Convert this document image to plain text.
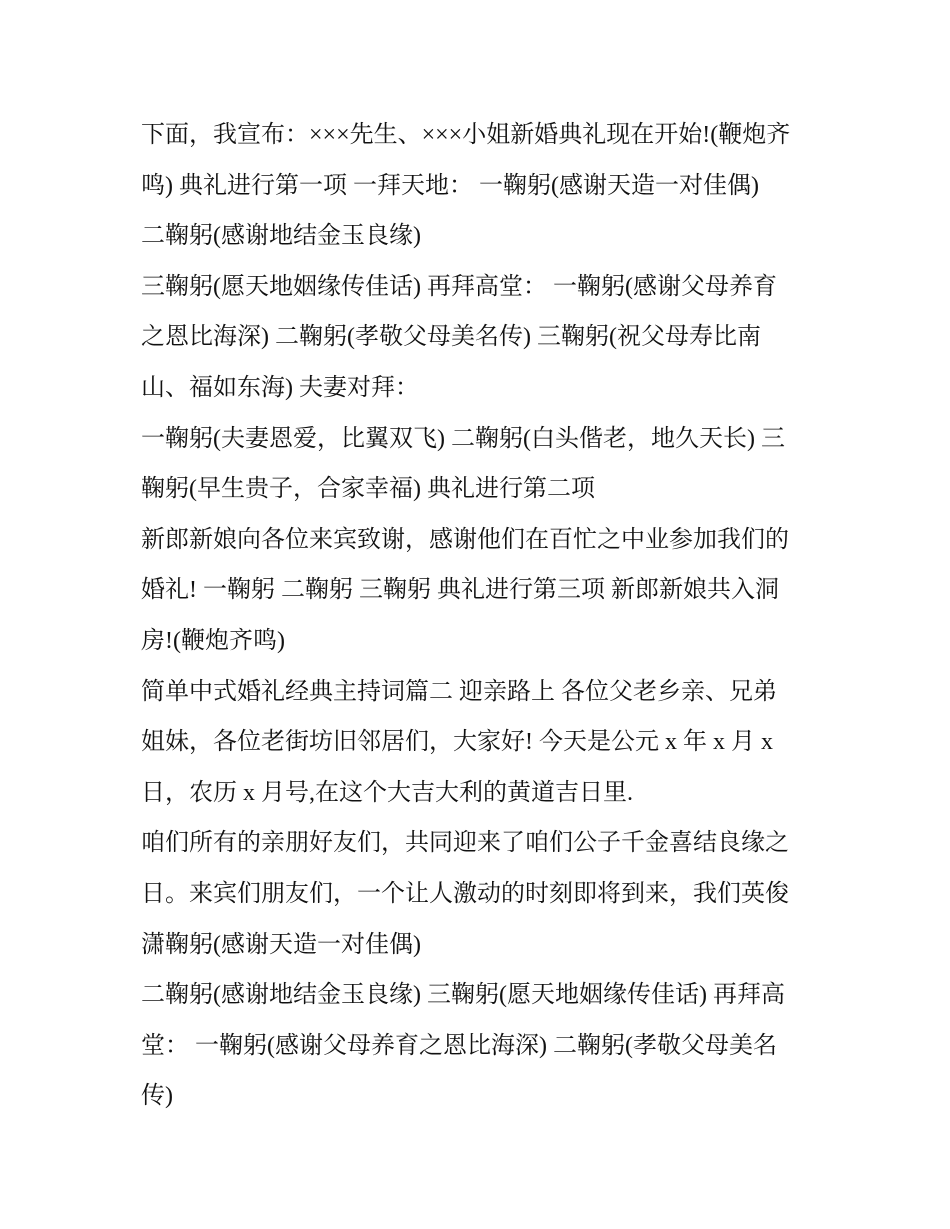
下面，我宣布：×××先生、×××小姐新婚典礼现在开始!(鞭炮齐
鸣) 典礼进行第一项 一拜天地： 一鞠躬(感谢天造一对佳偶)

二鞠躬(感谢地结金玉良缘)

三鞠躬(愿天地姻缘传佳话) 再拜高堂： 一鞠躬(感谢父母养育
之恩比海深) 二鞠躬(孝敬父母美名传) 三鞠躬(祝父母寿比南
山、福如东海) 夫妻对拜：

一鞠躬(夫妻恩爱，比翼双飞) 二鞠躬(白头偕老，地久天长) 三
鞠躬(早生贵子，合家幸福) 典礼进行第二项

新郎新娘向各位来宾致谢，感谢他们在百忙之中业参加我们的
婚礼! 一鞠躬 二鞠躬 三鞠躬 典礼进行第三项 新郎新娘共入洞
房!(鞭炮齐鸣)

简单中式婚礼经典主持词篇二 迎亲路上 各位父老乡亲、兄弟
姐妹，各位老街坊旧邻居们，大家好! 今天是公元 x 年 x 月 x
日，农历 x 月号,在这个大吉大利的黄道吉日里.

咱们所有的亲朋好友们，共同迎来了咱们公子千金喜结良缘之
日。来宾们朋友们，一个让人激动的时刻即将到来，我们英俊
潇鞠躬(感谢天造一对佳偶)

二鞠躬(感谢地结金玉良缘) 三鞠躬(愿天地姻缘传佳话) 再拜高
堂： 一鞠躬(感谢父母养育之恩比海深) 二鞠躬(孝敬父母美名
传)
